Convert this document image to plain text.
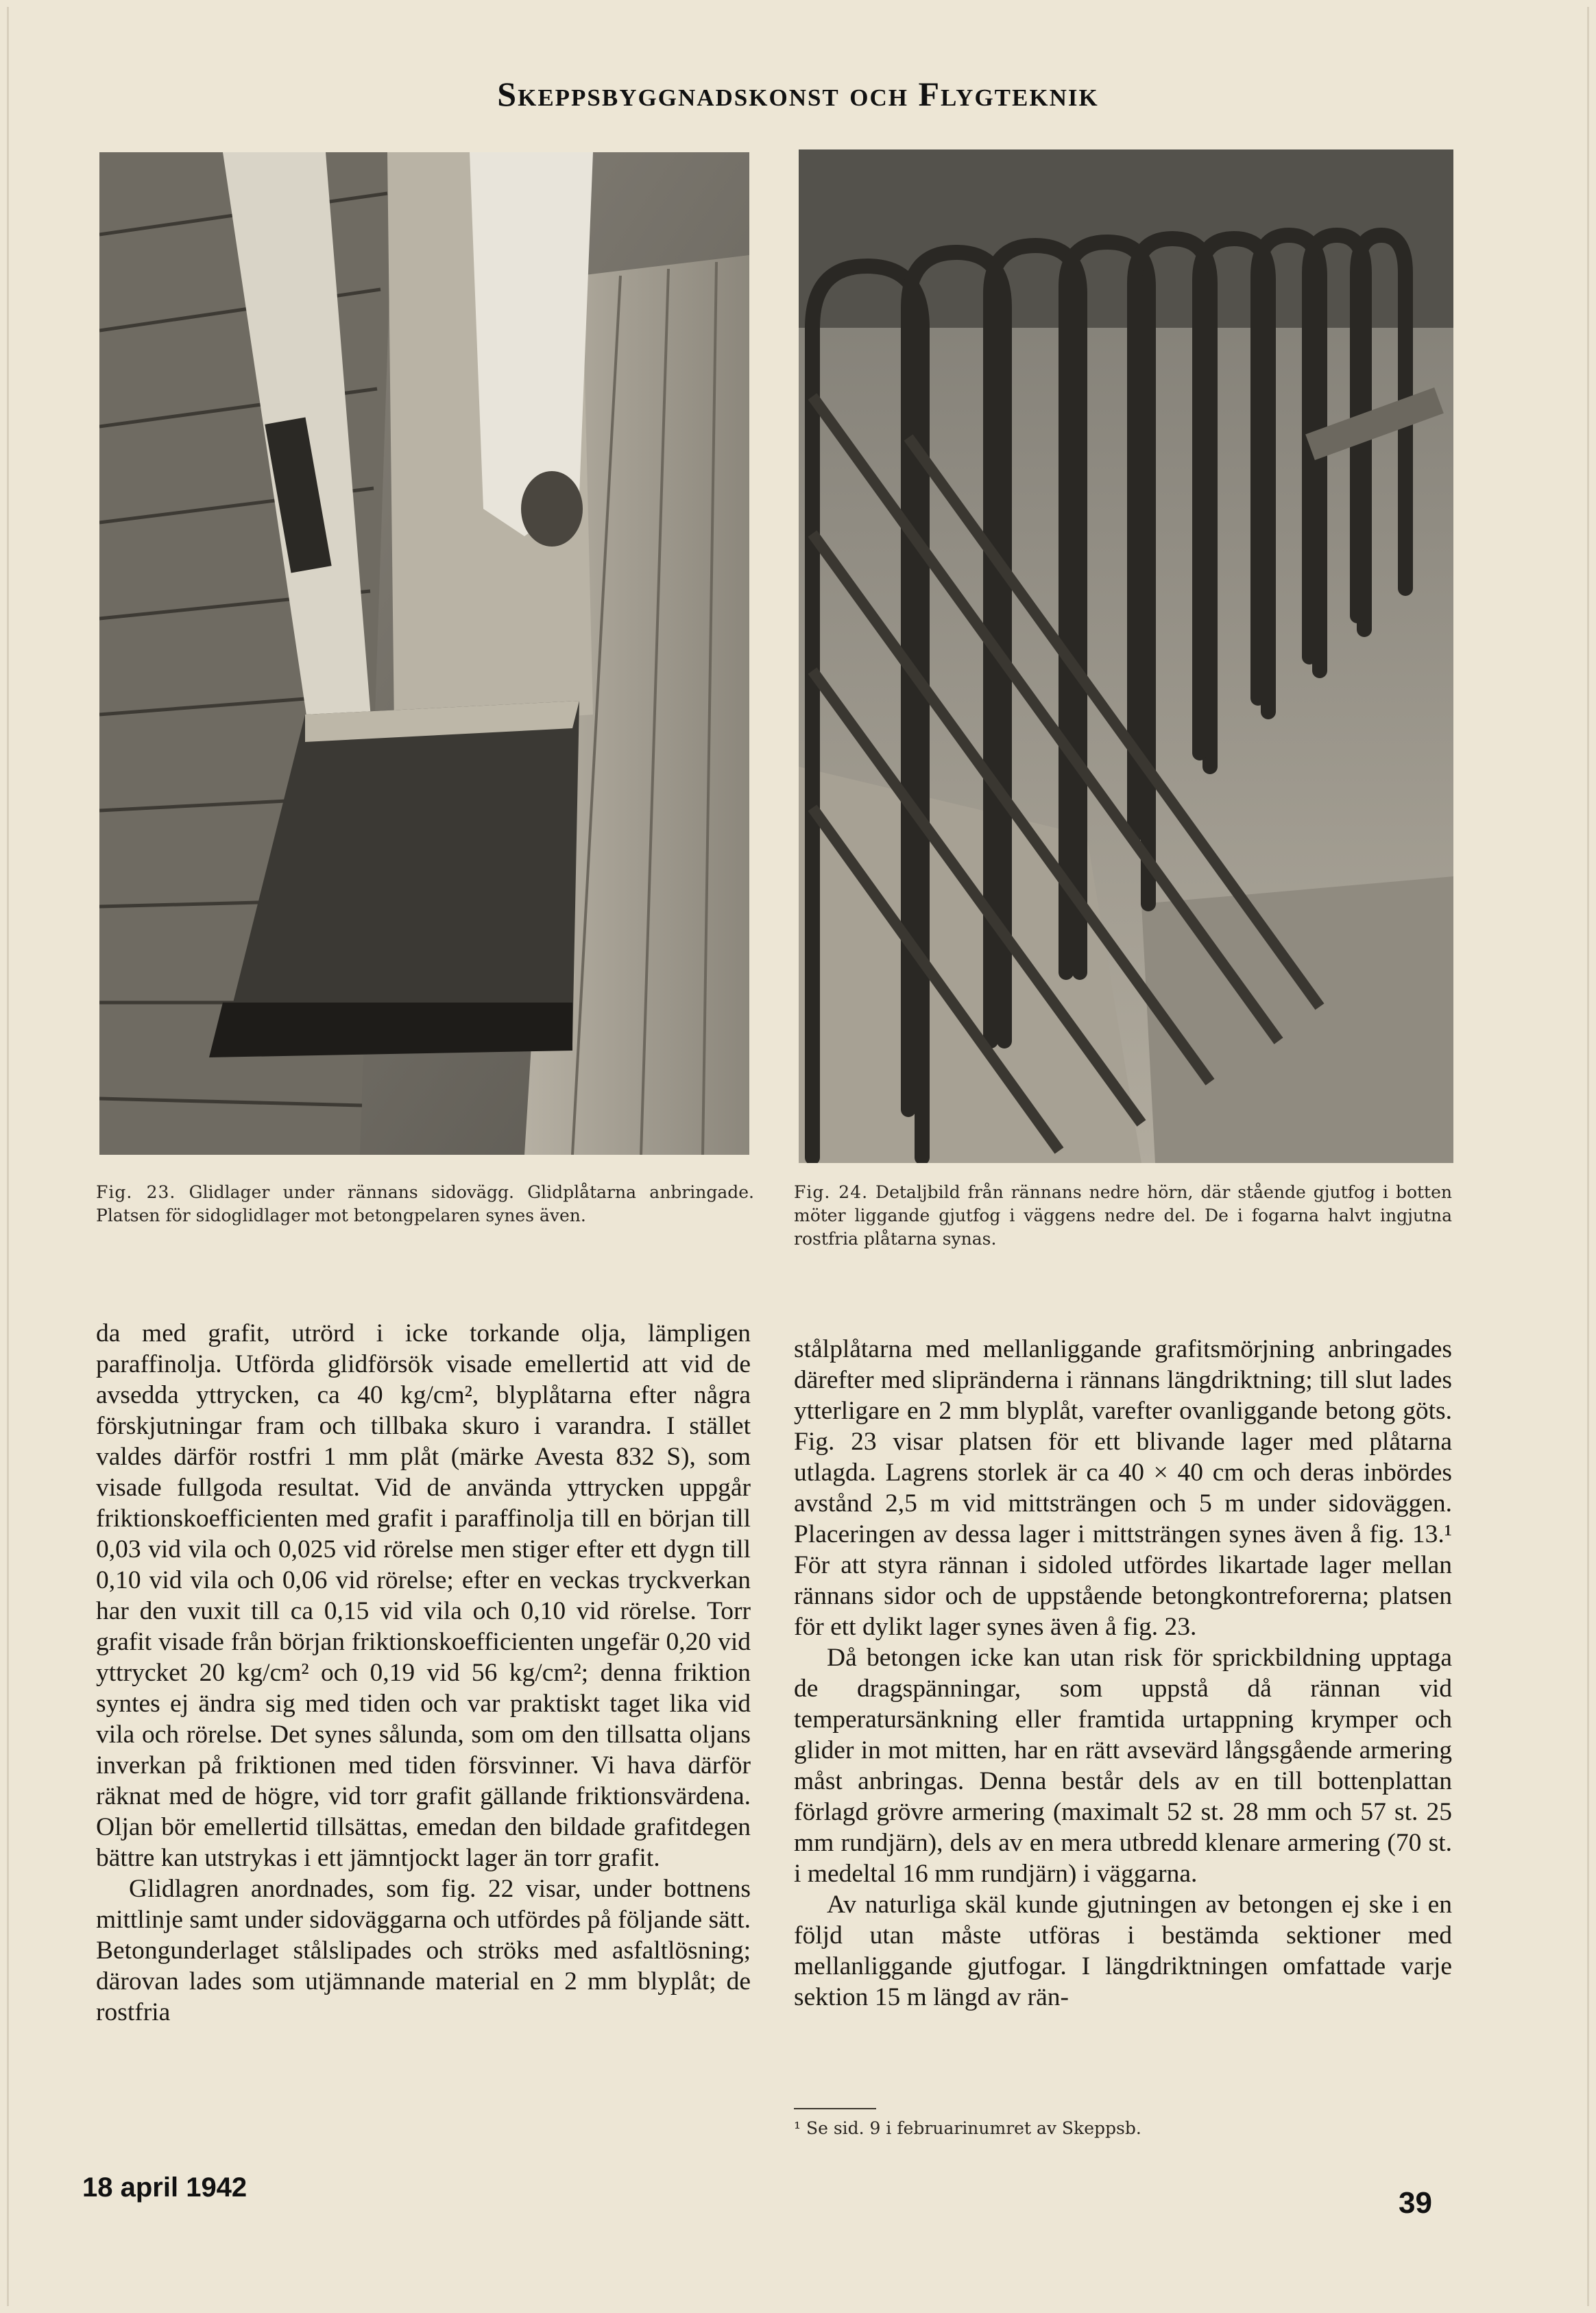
Skeppsbyggnadskonst och Flygteknik
Fig. 23. Glidlager under rännans sidovägg. Glidplåtarna anbringade. Platsen för sidoglidlager mot betongpelaren synes även.
Fig. 24. Detaljbild från rännans nedre hörn, där stående gjutfog i botten möter liggande gjutfog i väggens nedre del. De i fogarna halvt ingjutna rostfria plåtarna synas.

da med grafit, utrörd i icke torkande olja, lämpligen paraffinolja. Utförda glidförsök visade emellertid att vid de avsedda yttrycken, ca 40 kg/cm², blyplåtarna efter några förskjutningar fram och tillbaka skuro i varandra. I stället valdes därför rostfri 1 mm plåt (märke Avesta 832 S), som visade fullgoda resultat. Vid de använda yttrycken uppgår friktionskoefficienten med grafit i paraffinolja till en början till 0,03 vid vila och 0,025 vid rörelse men stiger efter ett dygn till 0,10 vid vila och 0,06 vid rörelse; efter en veckas tryckverkan har den vuxit till ca 0,15 vid vila och 0,10 vid rörelse. Torr grafit visade från början friktionskoefficienten ungefär 0,20 vid yttrycket 20 kg/cm² och 0,19 vid 56 kg/cm²; denna friktion syntes ej ändra sig med tiden och var praktiskt taget lika vid vila och rörelse. Det synes sålunda, som om den tillsatta oljans inverkan på friktionen med tiden försvinner. Vi hava därför räknat med de högre, vid torr grafit gällande friktionsvärdena. Oljan bör emellertid tillsättas, emedan den bildade grafitdegen bättre kan utstrykas i ett jämntjockt lager än torr grafit.

Glidlagren anordnades, som fig. 22 visar, under bottnens mittlinje samt under sidoväggarna och utfördes på följande sätt. Betongunderlaget stålslipades och ströks med asfaltlösning; därovan lades som utjämnande material en 2 mm blyplåt; de rostfria

stålplåtarna med mellanliggande grafitsmörjning anbringades därefter med slipränderna i rännans längdriktning; till slut lades ytterligare en 2 mm blyplåt, varefter ovanliggande betong göts. Fig. 23 visar platsen för ett blivande lager med plåtarna utlagda. Lagrens storlek är ca 40 × 40 cm och deras inbördes avstånd 2,5 m vid mittsträngen och 5 m under sidoväggen. Placeringen av dessa lager i mittsträngen synes även å fig. 13.¹ För att styra rännan i sidoled utfördes likartade lager mellan rännans sidor och de uppstående betongkontreforerna; platsen för ett dylikt lager synes även å fig. 23.

Då betongen icke kan utan risk för sprickbildning upptaga de dragspänningar, som uppstå då rännan vid temperatursänkning eller framtida urtappning krymper och glider in mot mitten, har en rätt avsevärd långsgående armering måst anbringas. Denna består dels av en till bottenplattan förlagd grövre armering (maximalt 52 st. 28 mm och 57 st. 25 mm rundjärn), dels av en mera utbredd klenare armering (70 st. i medeltal 16 mm rundjärn) i väggarna.

Av naturliga skäl kunde gjutningen av betongen ej ske i en följd utan måste utföras i bestämda sektioner med mellanliggande gjutfogar. I längdriktningen omfattade varje sektion 15 m längd av rän-

¹ Se sid. 9 i februarinumret av Skeppsb.
18 april 1942	39
